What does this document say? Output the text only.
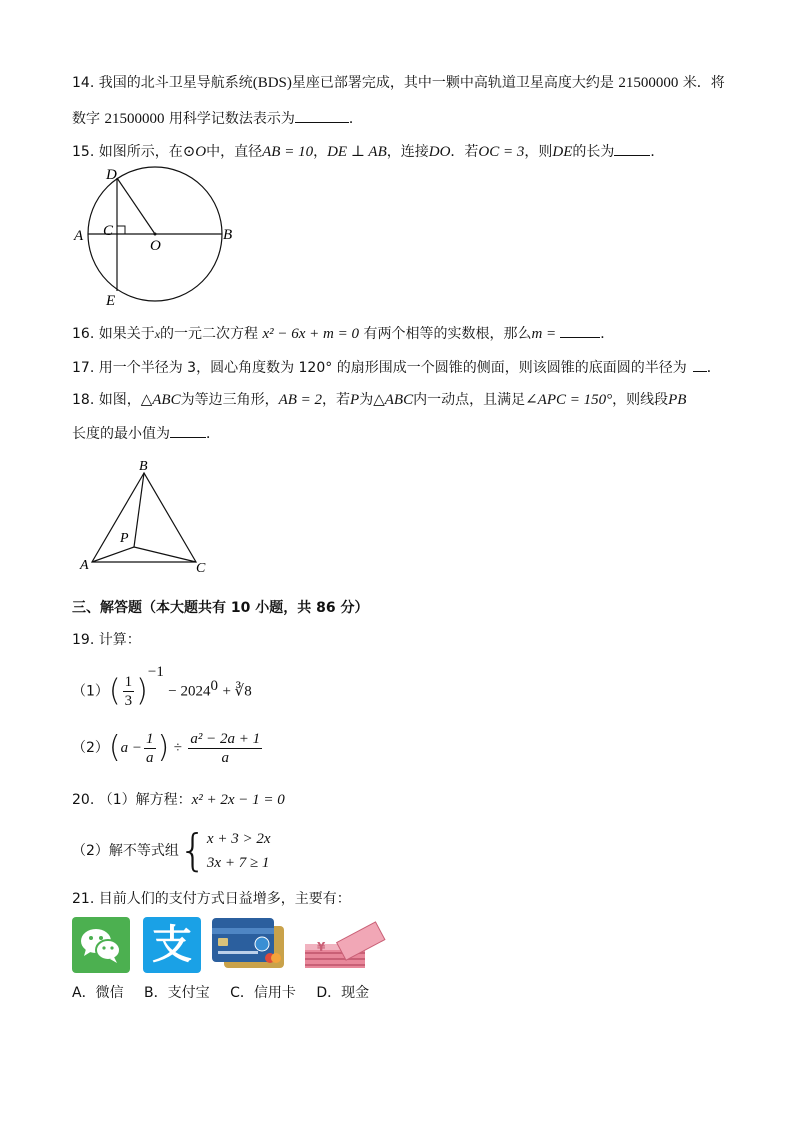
14. 我国的北斗卫星导航系统(BDS)星座已部署完成，其中一颗中高轨道卫星高度大约是 21500000 米．将
数字 21500000 用科学记数法表示为	．
15. 如图所示，在⊙O中，直径AB = 10，DE ⊥ AB，连接DO．若OC = 3，则DE的长为	．
D
A C
O
B
E
16. 如果关于x的一元二次方程 x² − 6x + m = 0 有两个相等的实数根，那么m =	．
17. 用一个半径为 3，圆心角度数为 120° 的扇形围成一个圆锥的侧面，则该圆锥的底面圆的半径为 ．
18. 如图，△ABC为等边三角形，AB = 2，若P为△ABC内一动点，且满足∠APC = 150°，则线段PB
长度的最小值为	．
B
A	C
P
三、解答题（本大题共有 10 小题，共 86 分）
19. 计算：
$(1)( \frac{1}{3} )^{-1} - 2024^0$ + ∛8
$(2)(a - \frac{1}{a}$ ) ÷ $\frac{\text{a² − 2a + 1}}{a}$
20. （1）解方程：x² + 2x − 1 = 0
（2）解不等式组{ x + 3 > 2x
3x + 7 ≥ 1
21. 目前人们的支付方式日益增多，主要有：
支	¥
A．微信 B．支付宝 C．信用卡 D．现金
